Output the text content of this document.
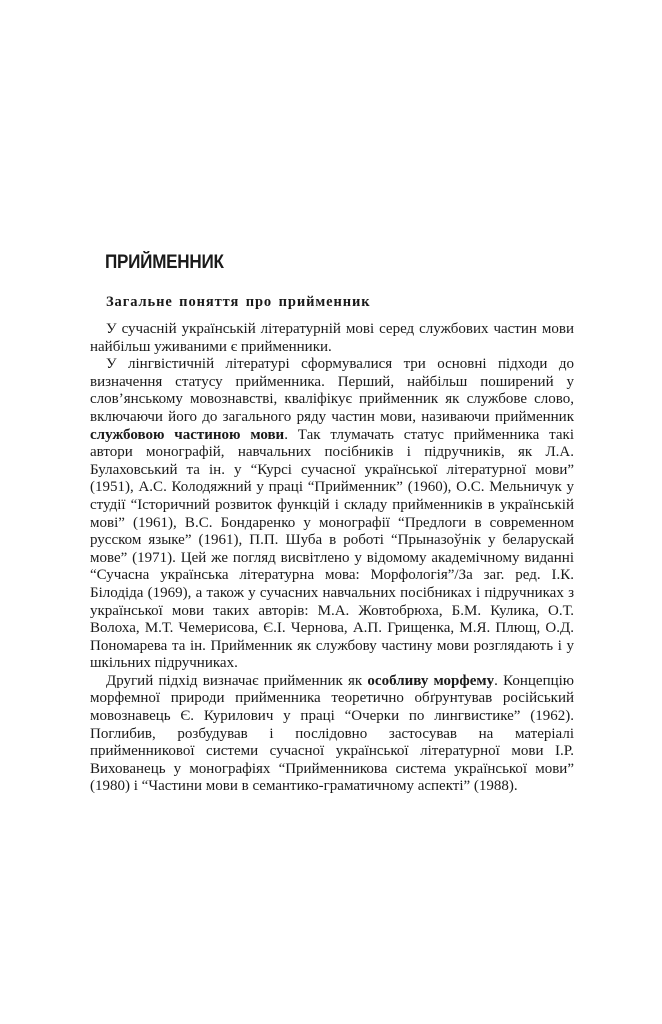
ПРИЙМЕННИК
Загальне поняття про прийменник

У сучасній українській літературній мові серед службових частин мови найбільш уживаними є прийменники.

У лінгвістичній літературі сформувалися три основні підходи до визначення статусу прийменника. Перший, найбільш поширений у слов’янському мовознавстві, кваліфікує прийменник як службове слово, включаючи його до загального ряду частин мови, називаючи прийменник службовою частиною мови. Так тлумачать статус прийменника такі автори монографій, навчальних посібників і підручників, як Л.А. Булаховський та ін. у “Курсі сучасної української літературної мови” (1951), А.С. Колодяжний у праці “Прийменник” (1960), О.С. Мельничук у студії “Історичний розвиток функцій і складу прийменників в українській мові” (1961), В.С. Бондаренко у монографії “Предлоги в современном русском языке” (1961), П.П. Шуба в роботі “Прыназоўнік у беларускай мове” (1971). Цей же погляд висвітлено у відомому академічному виданні “Сучасна українська літературна мова: Морфологія”/За заг. ред. І.К. Білодіда (1969), а також у сучасних навчальних посібниках і підручниках з української мови таких авторів: М.А. Жовтобрюха, Б.М. Кулика, О.Т. Волоха, М.Т. Чемерисова, Є.І. Чернова, А.П. Грищенка, М.Я. Плющ, О.Д. Пономарева та ін. Прийменник як службову частину мови розглядають і у шкільних підручниках.

Другий підхід визначає прийменник як особливу морфему. Концепцію морфемної природи прийменника теоретично обґрунтував російський мовознавець Є. Курилович у праці “Очерки по лингвистике” (1962). Поглибив, розбудував і послідовно застосував на матеріалі прийменникової системи сучасної української літературної мови І.Р. Вихованець у монографіях “Прийменникова система української мови” (1980) і “Частини мови в семантико-граматичному аспекті” (1988).
